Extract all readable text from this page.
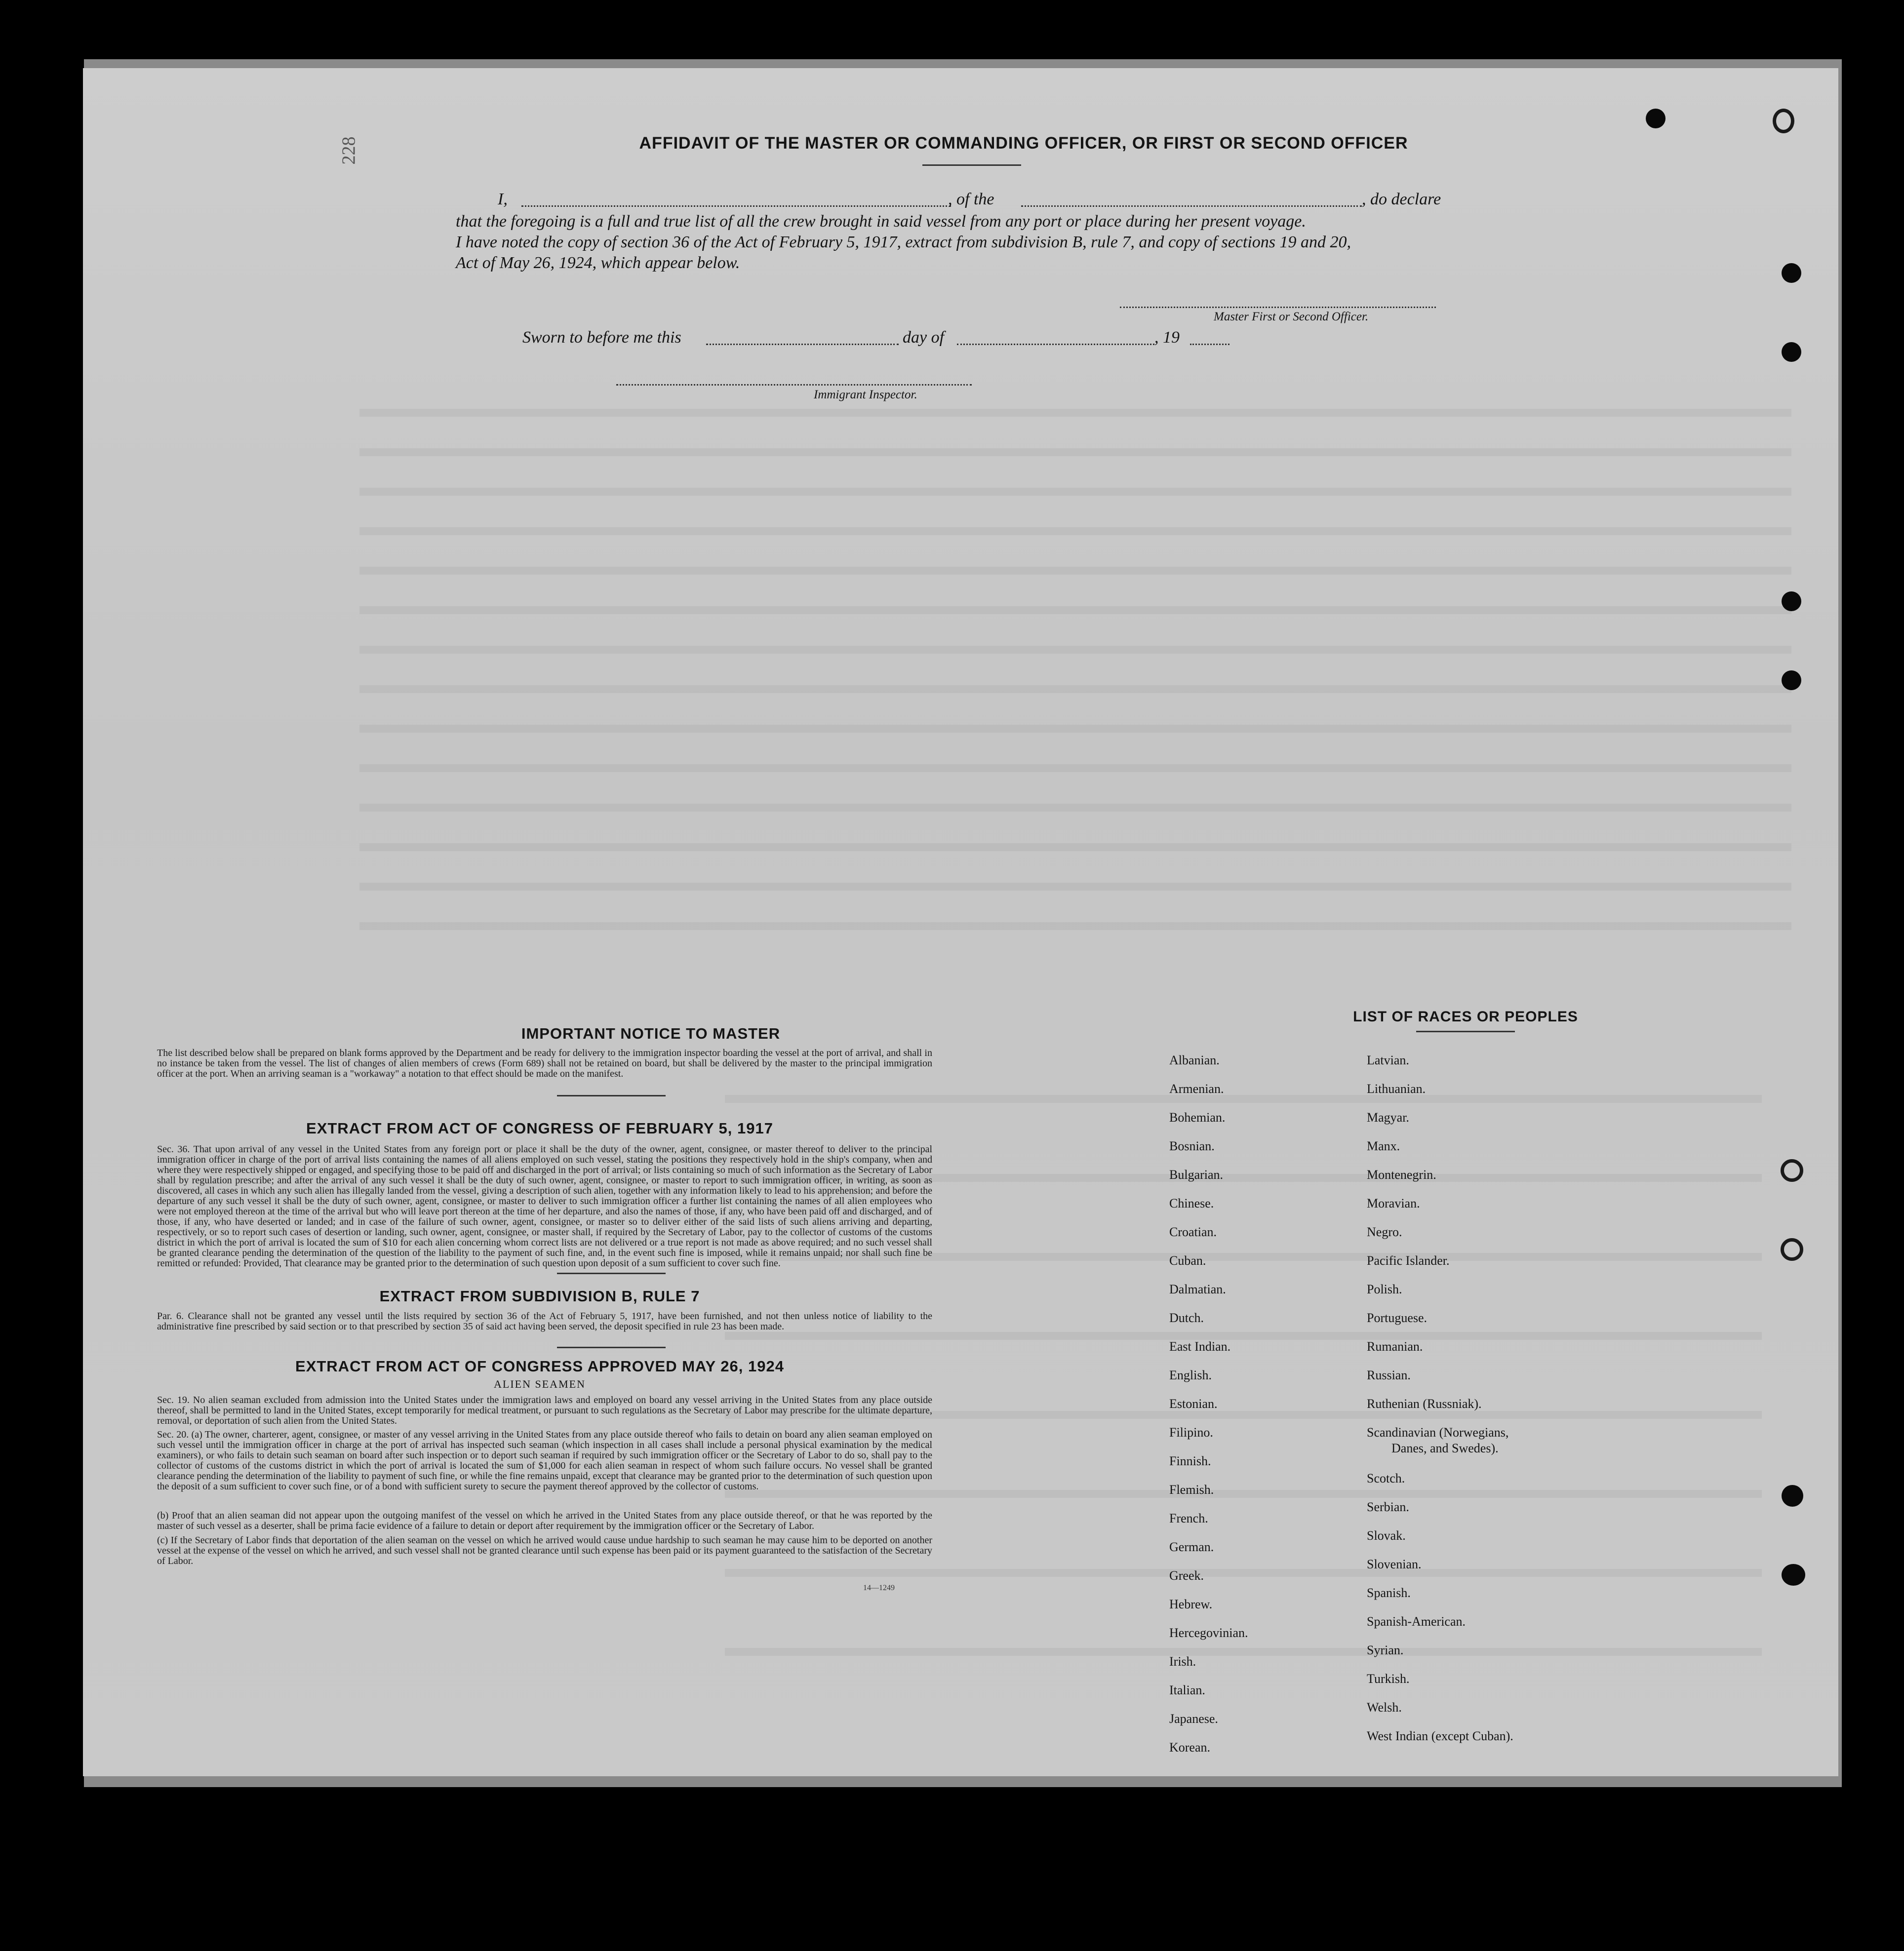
228	AFFIDAVIT OF THE MASTER OR COMMANDING OFFICER, OR FIRST OR SECOND OFFICER
I,	, of the	, do declare
that the foregoing is a full and true list of all the crew brought in said vessel from any port or place during her present voyage.
I have noted the copy of section 36 of the Act of February 5, 1917, extract from subdivision B, rule 7, and copy of sections 19 and 20,
Act of May 26, 1924, which appear below.
Master First or Second Officer.
Sworn to before me this	day of	, 19
Immigrant Inspector.
IMPORTANT NOTICE TO MASTER
The list described below shall be prepared on blank forms approved by the Department and be ready for delivery to the immigration inspector boarding the vessel at the port of arrival, and shall in no instance be taken from the vessel. The list of changes of alien members of crews (Form 689) shall not be retained on board, but shall be delivered by the master to the principal immigration officer at the port. When an arriving seaman is a "workaway" a notation to that effect should be made on the manifest.
EXTRACT FROM ACT OF CONGRESS OF FEBRUARY 5, 1917
Sec. 36. That upon arrival of any vessel in the United States from any foreign port or place it shall be the duty of the owner, agent, consignee, or master thereof to deliver to the principal immigration officer in charge of the port of arrival lists containing the names of all aliens employed on such vessel, stating the positions they respectively hold in the ship's company, when and where they were respectively shipped or engaged, and specifying those to be paid off and discharged in the port of arrival; or lists containing so much of such information as the Secretary of Labor shall by regulation prescribe; and after the arrival of any such vessel it shall be the duty of such owner, agent, consignee, or master to report to such immigration officer, in writing, as soon as discovered, all cases in which any such alien has illegally landed from the vessel, giving a description of such alien, together with any information likely to lead to his apprehension; and before the departure of any such vessel it shall be the duty of such owner, agent, consignee, or master to deliver to such immigration officer a further list containing the names of all alien employees who were not employed thereon at the time of the arrival but who will leave port thereon at the time of her departure, and also the names of those, if any, who have been paid off and discharged, and of those, if any, who have deserted or landed; and in case of the failure of such owner, agent, consignee, or master so to deliver either of the said lists of such aliens arriving and departing, respectively, or so to report such cases of desertion or landing, such owner, agent, consignee, or master shall, if required by the Secretary of Labor, pay to the collector of customs of the customs district in which the port of arrival is located the sum of $10 for each alien concerning whom correct lists are not delivered or a true report is not made as above required; and no such vessel shall be granted clearance pending the determination of the question of the liability to the payment of such fine, and, in the event such fine is imposed, while it remains unpaid; nor shall such fine be remitted or refunded: Provided, That clearance may be granted prior to the determination of such question upon deposit of a sum sufficient to cover such fine.
EXTRACT FROM SUBDIVISION B, RULE 7
Par. 6. Clearance shall not be granted any vessel until the lists required by section 36 of the Act of February 5, 1917, have been furnished, and not then unless notice of liability to the administrative fine prescribed by said section or to that prescribed by section 35 of said act having been served, the deposit specified in rule 23 has been made.
EXTRACT FROM ACT OF CONGRESS APPROVED MAY 26, 1924
ALIEN SEAMEN
Sec. 19. No alien seaman excluded from admission into the United States under the immigration laws and employed on board any vessel arriving in the United States from any place outside thereof, shall be permitted to land in the United States, except temporarily for medical treatment, or pursuant to such regulations as the Secretary of Labor may prescribe for the ultimate departure, removal, or deportation of such alien from the United States.
Sec. 20. (a) The owner, charterer, agent, consignee, or master of any vessel arriving in the United States from any place outside thereof who fails to detain on board any alien seaman employed on such vessel until the immigration officer in charge at the port of arrival has inspected such seaman (which inspection in all cases shall include a personal physical examination by the medical examiners), or who fails to detain such seaman on board after such inspection or to deport such seaman if required by such immigration officer or the Secretary of Labor to do so, shall pay to the collector of customs of the customs district in which the port of arrival is located the sum of $1,000 for each alien seaman in respect of whom such failure occurs. No vessel shall be granted clearance pending the determination of the liability to payment of such fine, or while the fine remains unpaid, except that clearance may be granted prior to the determination of such question upon the deposit of a sum sufficient to cover such fine, or of a bond with sufficient surety to secure the payment thereof approved by the collector of customs.
(b) Proof that an alien seaman did not appear upon the outgoing manifest of the vessel on which he arrived in the United States from any place outside thereof, or that he was reported by the master of such vessel as a deserter, shall be prima facie evidence of a failure to detain or deport after requirement by the immigration officer or the Secretary of Labor.
(c) If the Secretary of Labor finds that deportation of the alien seaman on the vessel on which he arrived would cause undue hardship to such seaman he may cause him to be deported on another vessel at the expense of the vessel on which he arrived, and such vessel shall not be granted clearance until such expense has been paid or its payment guaranteed to the satisfaction of the Secretary of Labor.
14—1249
LIST OF RACES OR PEOPLES
Albanian.
Armenian.
Bohemian.
Bosnian.
Bulgarian.
Chinese.
Croatian.
Cuban.
Dalmatian.
Dutch.
East Indian.
English.
Estonian.
Filipino.
Finnish.
Flemish.
French.
German.
Greek.
Hebrew.
Hercegovinian.
Irish.
Italian.
Japanese.
Korean.
Latvian.
Lithuanian.
Magyar.
Manx.
Montenegrin.
Moravian.
Negro.
Pacific Islander.
Polish.
Portuguese.
Rumanian.
Russian.
Ruthenian (Russniak).
Scandinavian (Norwegians,
Danes, and Swedes).
Scotch.
Serbian.
Slovak.
Slovenian.
Spanish.
Spanish-American.
Syrian.
Turkish.
Welsh.
West Indian (except Cuban).
